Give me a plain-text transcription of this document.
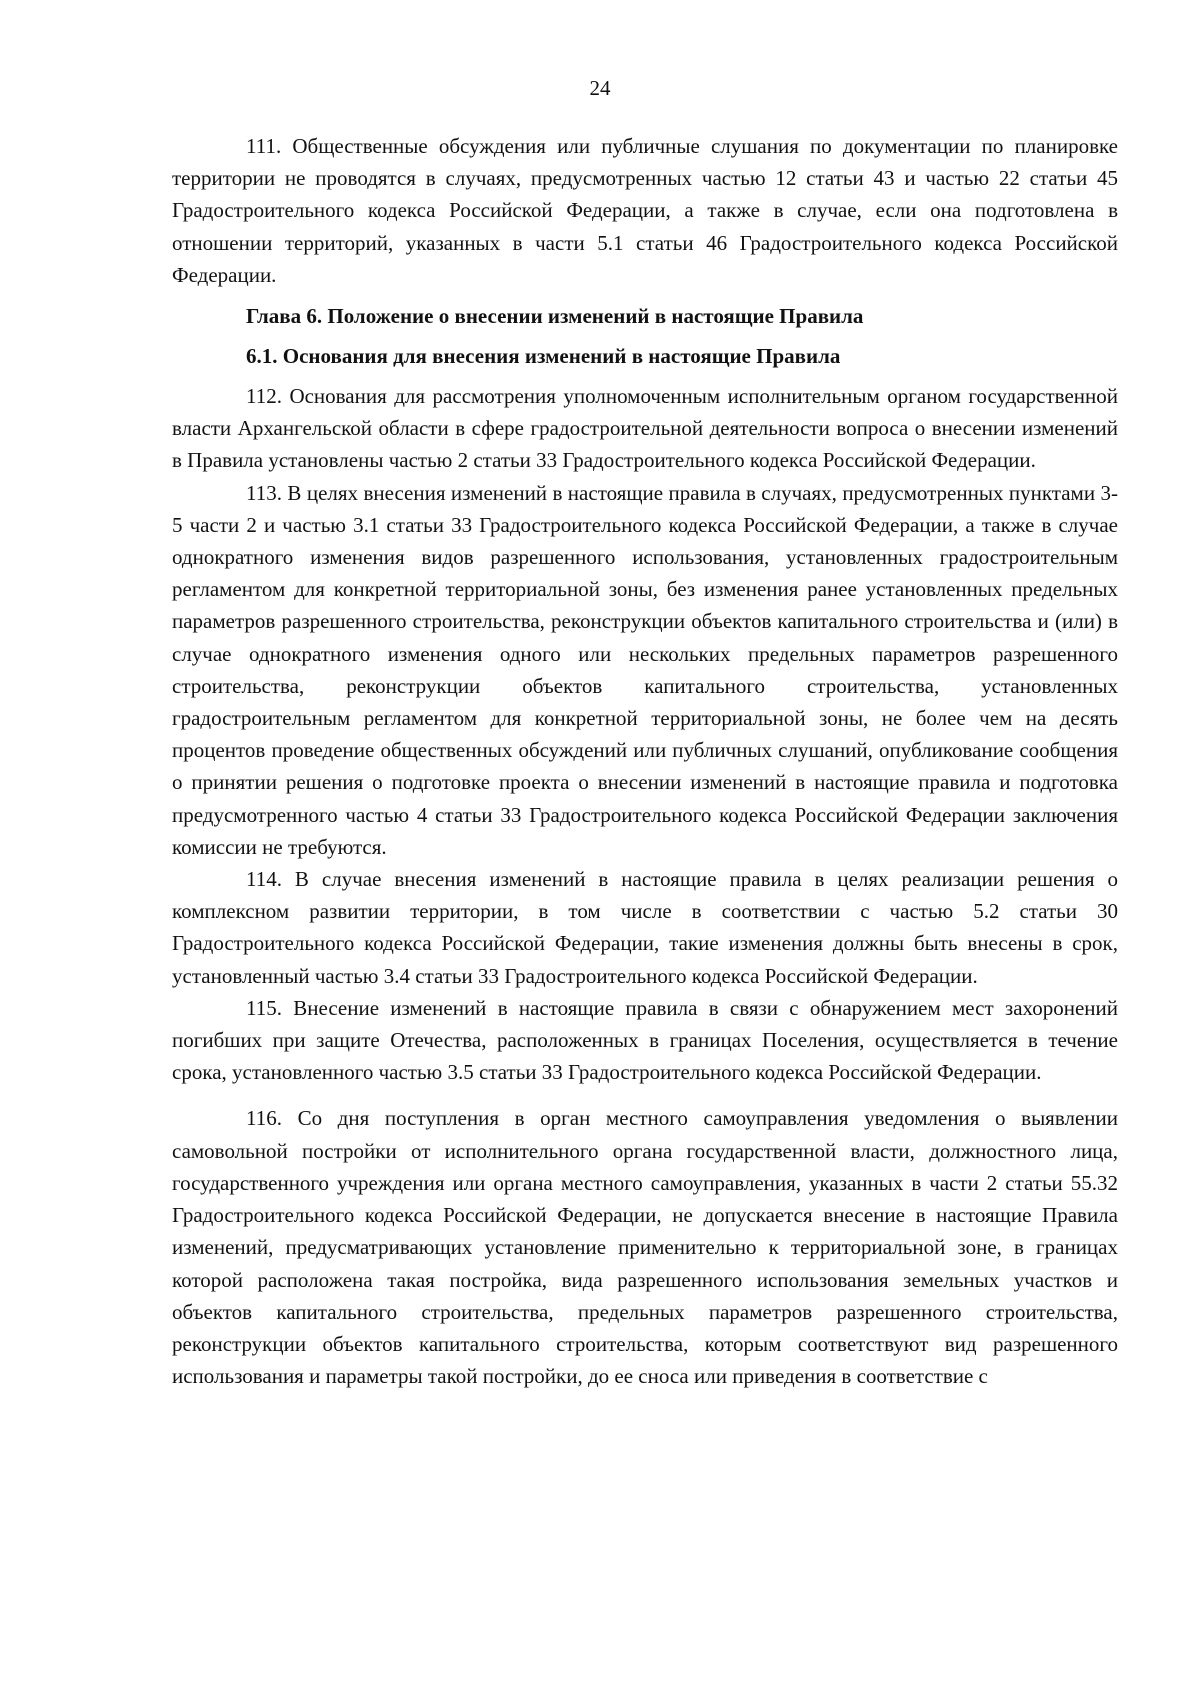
24

111. Общественные обсуждения или публичные слушания по документации по планировке территории не проводятся в случаях, предусмотренных частью 12 статьи 43 и частью 22 статьи 45 Градостроительного кодекса Российской Федерации, а также в случае, если она подготовлена в отношении территорий, указанных в части 5.1 статьи 46 Градостроительного кодекса Российской Федерации.

Глава 6. Положение о внесении изменений в настоящие Правила

6.1. Основания для внесения изменений в настоящие Правила

112. Основания для рассмотрения уполномоченным исполнительным органом государственной власти Архангельской области в сфере градостроительной деятельности вопроса о внесении изменений в Правила установлены частью 2 статьи 33 Градостроительного кодекса Российской Федерации.

113. В целях внесения изменений в настоящие правила в случаях, предусмотренных пунктами 3-5 части 2 и частью 3.1 статьи 33 Градостроительного кодекса Российской Федерации, а также в случае однократного изменения видов разрешенного использования, установленных градостроительным регламентом для конкретной территориальной зоны, без изменения ранее установленных предельных параметров разрешенного строительства, реконструкции объектов капитального строительства и (или) в случае однократного изменения одного или нескольких предельных параметров разрешенного строительства, реконструкции объектов капитального строительства, установленных градостроительным регламентом для конкретной территориальной зоны, не более чем на десять процентов проведение общественных обсуждений или публичных слушаний, опубликование сообщения о принятии решения о подготовке проекта о внесении изменений в настоящие правила и подготовка предусмотренного частью 4 статьи 33 Градостроительного кодекса Российской Федерации заключения комиссии не требуются.

114. В случае внесения изменений в настоящие правила в целях реализации решения о комплексном развитии территории, в том числе в соответствии с частью 5.2 статьи 30 Градостроительного кодекса Российской Федерации, такие изменения должны быть внесены в срок, установленный частью 3.4 статьи 33 Градостроительного кодекса Российской Федерации.

115. Внесение изменений в настоящие правила в связи с обнаружением мест захоронений погибших при защите Отечества, расположенных в границах Поселения, осуществляется в течение срока, установленного частью 3.5 статьи 33 Градостроительного кодекса Российской Федерации.

116. Со дня поступления в орган местного самоуправления уведомления о выявлении самовольной постройки от исполнительного органа государственной власти, должностного лица, государственного учреждения или органа местного самоуправления, указанных в части 2 статьи 55.32 Градостроительного кодекса Российской Федерации, не допускается внесение в настоящие Правила изменений, предусматривающих установление применительно к территориальной зоне, в границах которой расположена такая постройка, вида разрешенного использования земельных участков и объектов капитального строительства, предельных параметров разрешенного строительства, реконструкции объектов капитального строительства, которым соответствуют вид разрешенного использования и параметры такой постройки, до ее сноса или приведения в соответствие с
